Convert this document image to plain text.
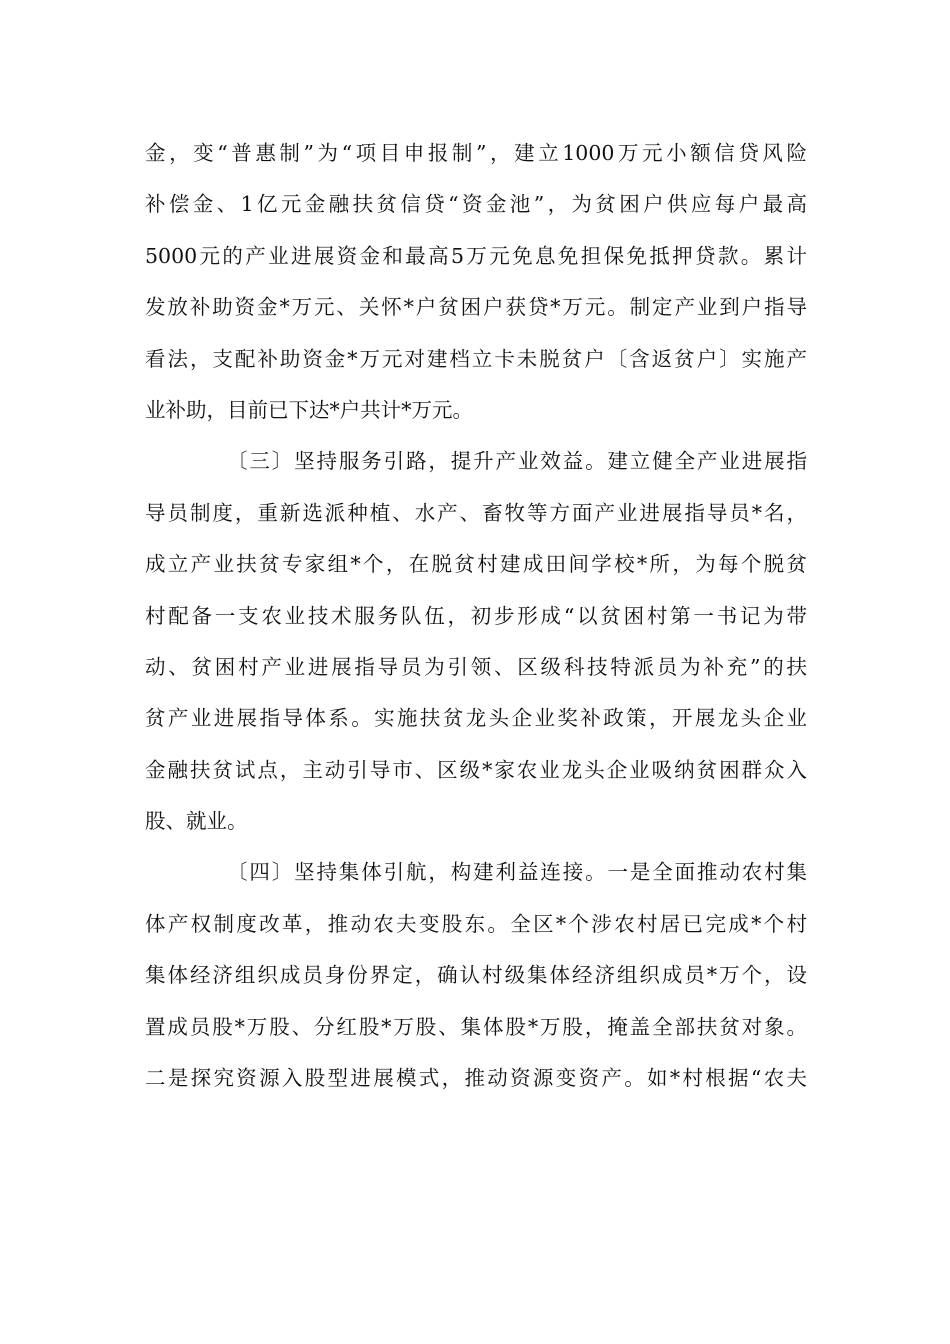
金，变“普惠制”为“项目申报制”，建立1000万元小额信贷风险
补偿金、1亿元金融扶贫信贷“资金池”，为贫困户供应每户最高
5000元的产业进展资金和最高5万元免息免担保免抵押贷款。累计
发放补助资金*万元、关怀*户贫困户获贷*万元。制定产业到户指导
看法，支配补助资金*万元对建档立卡未脱贫户〔含返贫户〕实施产
业补助，目前已下达*户共计*万元。

〔三〕坚持服务引路，提升产业效益。建立健全产业进展指
导员制度，重新选派种植、水产、畜牧等方面产业进展指导员*名，
成立产业扶贫专家组*个，在脱贫村建成田间学校*所，为每个脱贫
村配备一支农业技术服务队伍，初步形成“以贫困村第一书记为带
动、贫困村产业进展指导员为引领、区级科技特派员为补充”的扶
贫产业进展指导体系。实施扶贫龙头企业奖补政策，开展龙头企业
金融扶贫试点，主动引导市、区级*家农业龙头企业吸纳贫困群众入
股、就业。

〔四〕坚持集体引航，构建利益连接。一是全面推动农村集
体产权制度改革，推动农夫变股东。全区*个涉农村居已完成*个村
集体经济组织成员身份界定，确认村级集体经济组织成员*万个，设
置成员股*万股、分红股*万股、集体股*万股，掩盖全部扶贫对象。
二是探究资源入股型进展模式，推动资源变资产。如*村根据“农夫
